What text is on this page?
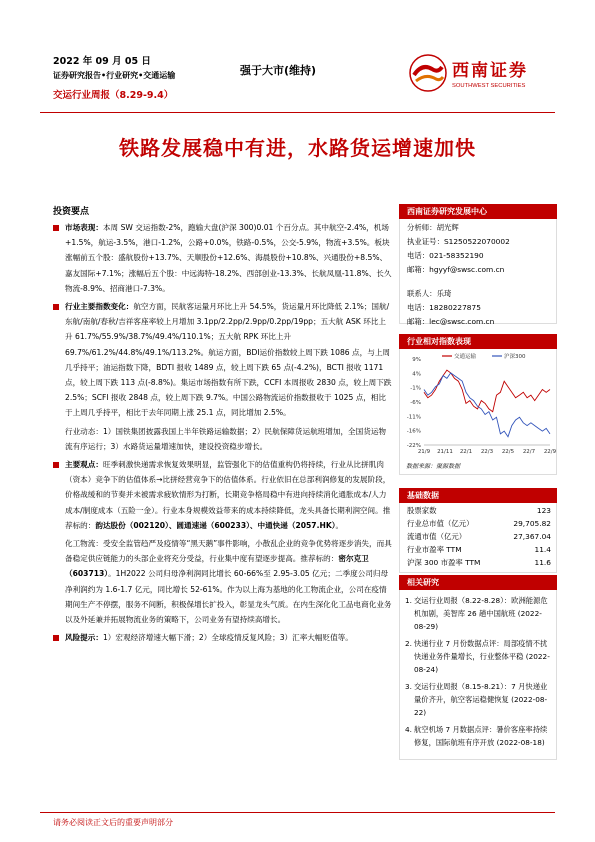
2022 年 09 月 05 日
证券研究报告•行业研究•交通运输
交运行业周报（8.29-9.4）
强于大市(维持)	西南证券
SOUTHWEST SECURITIES
铁路发展稳中有进，水路货运增速加快
投资要点
市场表现：本周 SW 交运指数-2%，跑输大盘(沪深 300)0.01 个百分点。其中航空-2.4%，机场+1.5%，航运-3.5%，港口-1.2%，公路+0.0%，铁路-0.5%，公交-5.9%，物流+3.5%。板块涨幅前五个股：盛航股份+13.7%、天顺股份+12.6%、海晨股份+10.8%、兴通股份+8.5%、嘉友国际+7.1%；涨幅后五个股：中远海特-18.2%、西部创业-13.3%、长航凤凰-11.8%、长久物流-8.9%、招商港口-7.3%。
行业主要指数变化：航空方面，民航客运量月环比上升 54.5%，货运量月环比降低 2.1%；国航/东航/南航/春秋/吉祥客座率较上月增加 3.1pp/2.2pp/2.9pp/0.2pp/19pp；五大航 ASK 环比上升 61.7%/55.9%/38.7%/49.4%/110.1%；五大航 RPK 环比上升 69.7%/61.2%/44.8%/49.1%/113.2%。航运方面，BDI运价指数较上周下跌 1086 点，与上周几乎持平；油运指数下降，BDTI 报收 1489 点，较上周下跌 65 点(-4.2%)，BCTI 报收 1171 点，较上周下跌 113 点(-8.8%)。集运市场指数有所下跌，CCFI 本周报收 2830 点，较上周下跌 2.5%；SCFI 报收 2848 点，较上周下跌 9.7%。中国公路物流运价指数报收于 1025 点，相比于上周几乎持平，相比于去年同期上涨 25.1 点，同比增加 2.5%。
行业动态：1）国铁集团披露我国上半年铁路运输数据；2）民航保障货运航班增加，全国货运物流有序运行；3）水路货运量增速加快，建设投资稳步增长。
主要观点：旺季刺激快递需求恢复效果明显，监管强化下的估值重构仍将持续，行业从比拼肌肉（资本）竞争下的估值体系→比拼经营竞争下的估值体系。行业依旧在总部利润修复的发展阶段，价格战缓和的节奏并未被需求疲软情形为打断，长期竞争格局稳中有进向持续消化通胀成本/人力成本/制度成本（五险一金）。行业本身规模效益带来的成本持续降低，龙头具备长期利润空间。推荐标的：韵达股份（002120）、圆通速递（600233）、中通快递（2057.HK）。
化工物流：受安全监管趋严及疫情等“黑天鹅”事件影响，小散乱企业的竞争优势将逐步消失，而具备稳定供应链能力的头部企业将充分受益，行业集中度有望逐步提高。推荐标的：密尔克卫（603713）。1H2022 公司归母净利润同比增长 60-66%至 2.95-3.05 亿元；二季度公司归母净利润约为 1.6-1.7 亿元，同比增长 52-61%。作为以上海为基地的化工物流企业，公司在疫情期间生产不停摆，服务不间断，积极保增长扩投入，彰显龙头气质。在内生深化化工品电商化业务以及外延兼并拓展物流业务的策略下，公司业务有望持续高增长。
风险提示：1）宏观经济增速大幅下滑；2）全球疫情反复风险；3）汇率大幅贬值等。
西南证券研究发展中心
分析师：胡光辉
执业证号：S1250522070002
电话：021-58352190
邮箱：hgyyf@swsc.com.cn
联系人：乐琦
电话：18280227875
邮箱：lec@swsc.com.cn
行业相对指数表现
9%
4%
-1%
-6%
-11%
-16%
-22%
21/9 21/11 22/1 22/3 22/5 22/7 22/9
交通运输	沪深300
数据来源：聚源数据
基础数据
股票家数	123
行业总市值（亿元）	29,705.82
流通市值（亿元）	27,367.04
行业市盈率 TTM	11.4
沪深 300 市盈率 TTM	11.6
相关研究
1. 交运行业周报（8.22-8.28）：欧洲能源危机加剧，美智库 26 趟中国航班 (2022-08-29)
2. 快递行业 7 月份数据点评：局部疫情不扰快递业务件量增长，行业整体平稳 (2022-08-24)
3. 交运行业周报（8.15-8.21）：7 月快递业量价齐升，航空客运稳健恢复 (2022-08-22)
4. 航空机场 7 月数据点评：暑价客座率持续修复，国际航班有序开放 (2022-08-18)
请务必阅读正文后的重要声明部分
